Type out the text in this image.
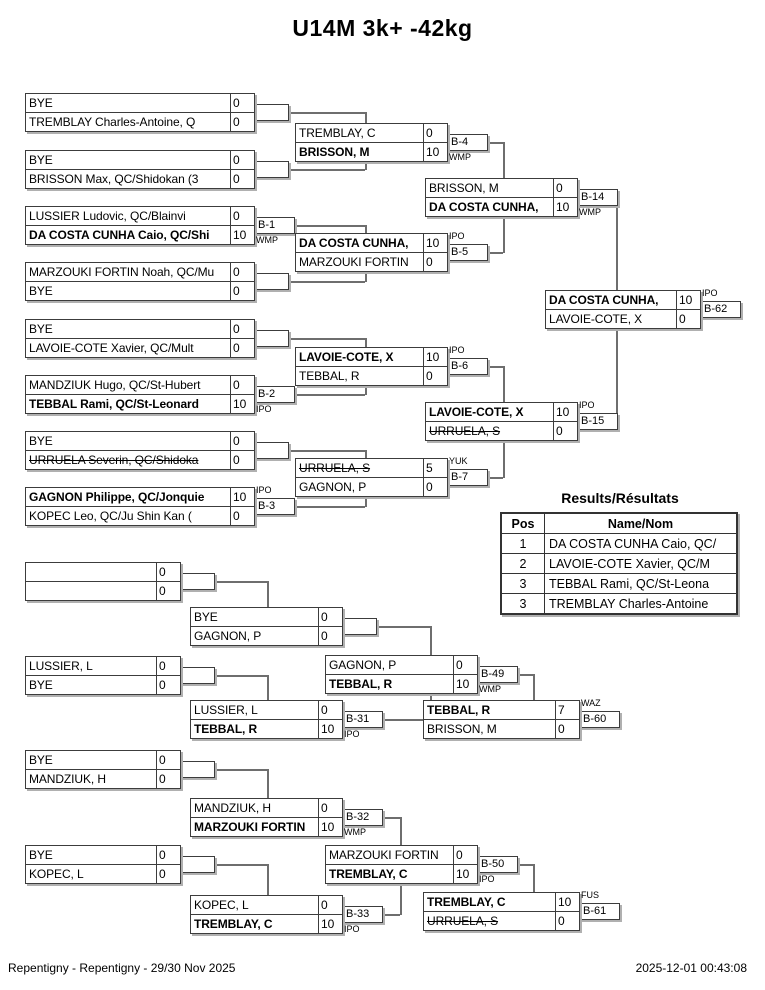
U14M 3k+ -42kg
BYE	0
TREMBLAY Charles-Antoine, Q	0
BYE	0
BRISSON Max, QC/Shidokan (3	0
LUSSIER Ludovic, QC/Blainvi	0
DA COSTA CUNHA Caio, QC/Shi	10
B-1
WMP
MARZOUKI FORTIN Noah, QC/Mu	0
BYE	0
BYE	0
LAVOIE-COTE Xavier, QC/Mult	0
MANDZIUK Hugo, QC/St-Hubert	0
TEBBAL Rami, QC/St-Leonard	10
B-2
IPO
BYE	0
URRUELA Severin, QC/Shidoka	0
GAGNON Philippe, QC/Jonquie	10
KOPEC Leo, QC/Ju Shin Kan (	0
B-3
IPO
TREMBLAY, C	0
BRISSON, M	10
B-4
WMP
DA COSTA CUNHA,	10
MARZOUKI FORTIN	0
B-5
IPO
LAVOIE-COTE, X	10
TEBBAL, R	0
B-6
IPO
URRUELA, S	5
GAGNON, P	0
B-7
YUK
BRISSON, M	0
DA COSTA CUNHA,	10
B-14
WMP
LAVOIE-COTE, X	10
URRUELA, S	0
B-15
IPO
DA COSTA CUNHA,	10
LAVOIE-COTE, X	0
B-62
IPO
0
0
LUSSIER, L	0
BYE	0
BYE	0
MANDZIUK, H	0
BYE	0
KOPEC, L	0
BYE	0
GAGNON, P	0
LUSSIER, L	0
TEBBAL, R	10
B-31
IPO
MANDZIUK, H	0
MARZOUKI FORTIN	10
B-32
WMP
KOPEC, L	0
TREMBLAY, C	10
B-33
IPO
GAGNON, P	0
TEBBAL, R	10
B-49
WMP
MARZOUKI FORTIN	0
TREMBLAY, C	10
B-50
IPO
TEBBAL, R	7
BRISSON, M	0
B-60
WAZ
TREMBLAY, C	10
URRUELA, S	0
B-61
FUS
Results/Résultats
Pos	Name/Nom
1	DA COSTA CUNHA Caio, QC/
2	LAVOIE-COTE Xavier, QC/M
3	TEBBAL Rami, QC/St-Leona
3	TREMBLAY Charles-Antoine
Repentigny - Repentigny - 29/30 Nov 2025	2025-12-01 00:43:08
